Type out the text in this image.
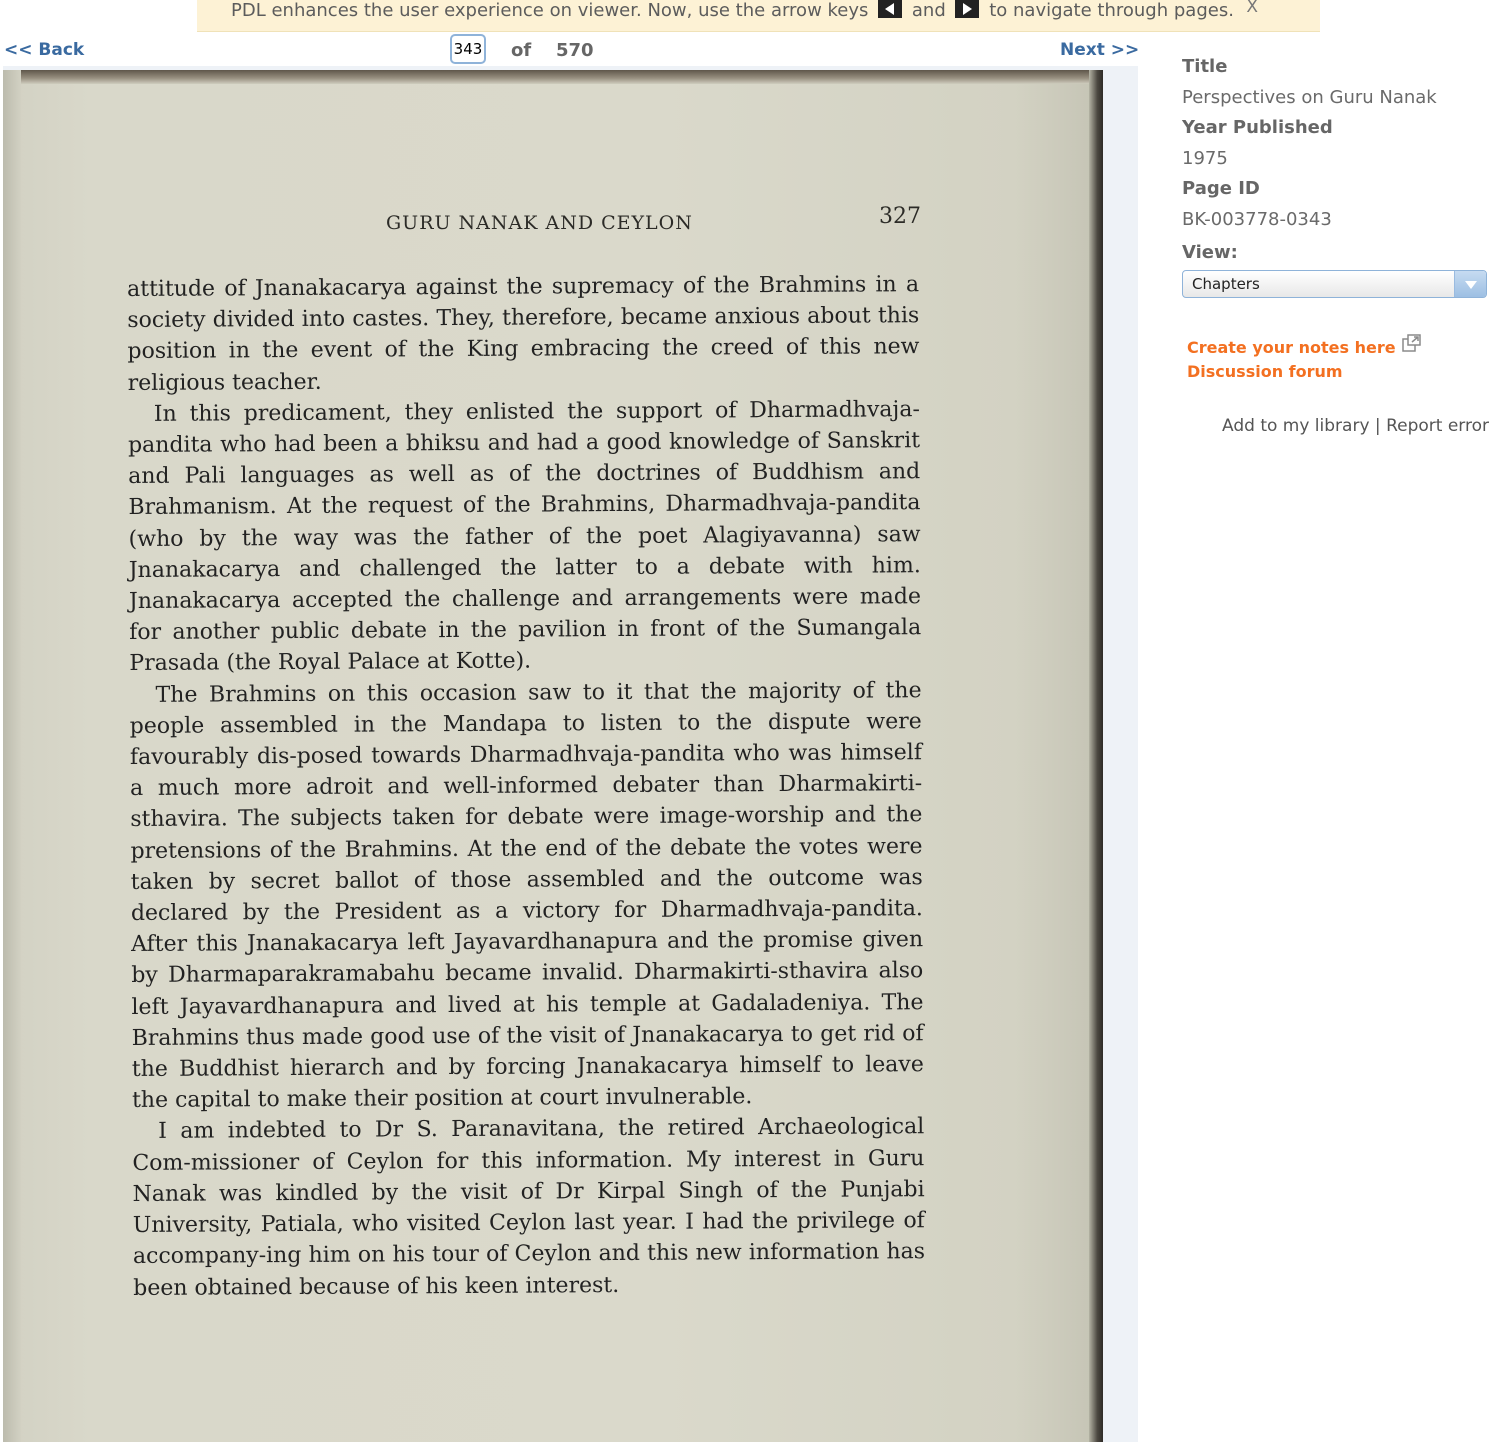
PDL enhances the user experience on viewer. Now, use the arrow keys and to navigate through pages. X
<< Back
343	of 570	Next >>
GURU NANAK AND CEYLON	327

attitude of Jnanakacarya against the supremacy of the Brahmins in a society divided into castes. They, therefore, became anxious about this position in the event of the King embracing the creed of this new religious teacher.

In this predicament, they enlisted the support of Dharmadhvaja-pandita who had been a bhiksu and had a good knowledge of Sanskrit and Pali languages as well as of the doctrines of Buddhism and Brahmanism. At the request of the Brahmins, Dharmadhvaja-pandita (who by the way was the father of the poet Alagiyavanna) saw Jnanakacarya and challenged the latter to a debate with him. Jnanakacarya accepted the challenge and arrangements were made for another public debate in the pavilion in front of the Sumangala Prasada (the Royal Palace at Kotte).

The Brahmins on this occasion saw to it that the majority of the people assembled in the Mandapa to listen to the dispute were favourably dis-posed towards Dharmadhvaja-pandita who was himself a much more adroit and well-informed debater than Dharmakirti-sthavira. The subjects taken for debate were image-worship and the pretensions of the Brahmins. At the end of the debate the votes were taken by secret ballot of those assembled and the outcome was declared by the President as a victory for Dharmadhvaja-pandita. After this Jnanakacarya left Jayavardhanapura and the promise given by Dharmaparakramabahu became invalid. Dharmakirti-sthavira also left Jayavardhanapura and lived at his temple at Gadaladeniya. The Brahmins thus made good use of the visit of Jnanakacarya to get rid of the Buddhist hierarch and by forcing Jnanakacarya himself to leave the capital to make their position at court invulnerable.

I am indebted to Dr S. Paranavitana, the retired Archaeological Com-missioner of Ceylon for this information. My interest in Guru Nanak was kindled by the visit of Dr Kirpal Singh of the Punjabi University, Patiala, who visited Ceylon last year. I had the privilege of accompany-ing him on his tour of Ceylon and this new information has been obtained because of his keen interest.

Title
Perspectives on Guru Nanak
Year Published
1975
Page ID
BK-003778-0343
View:
Chapters
Create your notes here
Discussion forum
Add to my library | Report error
